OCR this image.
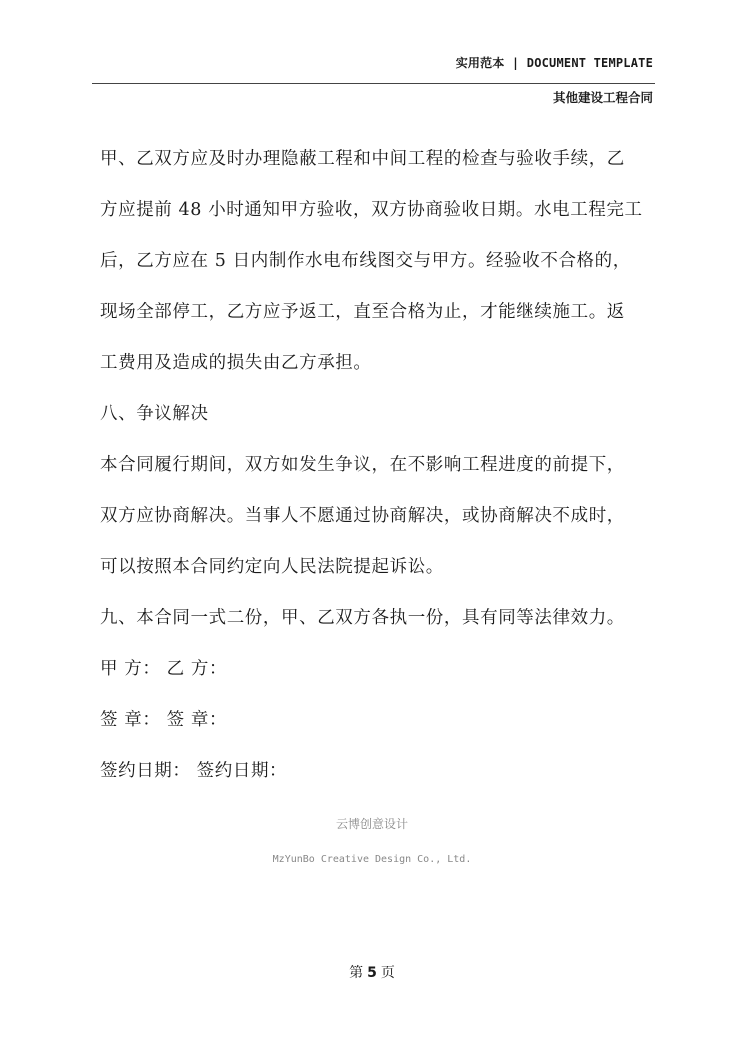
实用范本 | DOCUMENT TEMPLATE
其他建设工程合同

甲、乙双方应及时办理隐蔽工程和中间工程的检查与验收手续，乙

方应提前 48 小时通知甲方验收，双方协商验收日期。水电工程完工

后，乙方应在 5 日内制作水电布线图交与甲方。经验收不合格的，

现场全部停工，乙方应予返工，直至合格为止，才能继续施工。返

工费用及造成的损失由乙方承担。

八、争议解决

本合同履行期间，双方如发生争议，在不影响工程进度的前提下，

双方应协商解决。当事人不愿通过协商解决，或协商解决不成时，

可以按照本合同约定向人民法院提起诉讼。

九、本合同一式二份，甲、乙双方各执一份，具有同等法律效力。

甲 方： 乙 方：

签 章： 签 章：

签约日期： 签约日期：

云博创意设计
MzYunBo Creative Design Co., Ltd.
第 5 页
